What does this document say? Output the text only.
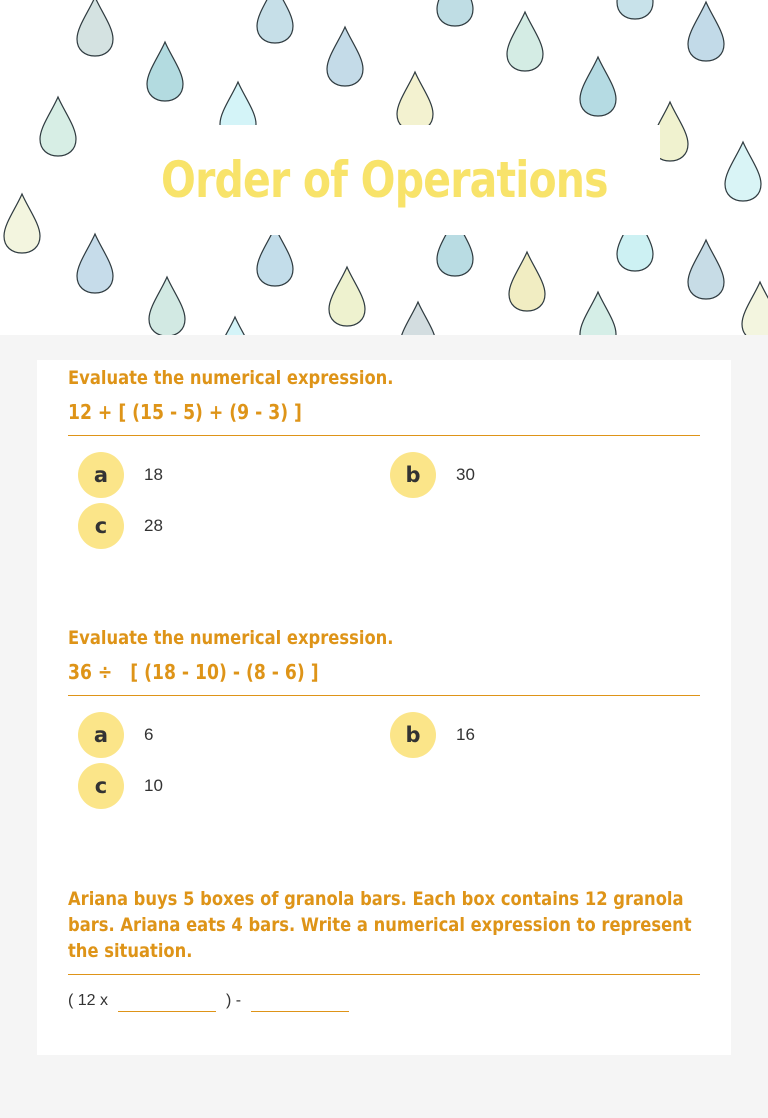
Order of Operations
Evaluate the numerical expression.
12 + [ (15 - 5) + (9 - 3) ]
a	18	b	30
c	28
Evaluate the numerical expression.
36 ÷   [ (18 - 10) - (8 - 6) ]
a	6	b	16
c	10
Ariana buys 5 boxes of granola bars. Each box contains 12 granola bars. Ariana eats 4 bars. Write a numerical expression to represent the situation.
( 12 x	) -
